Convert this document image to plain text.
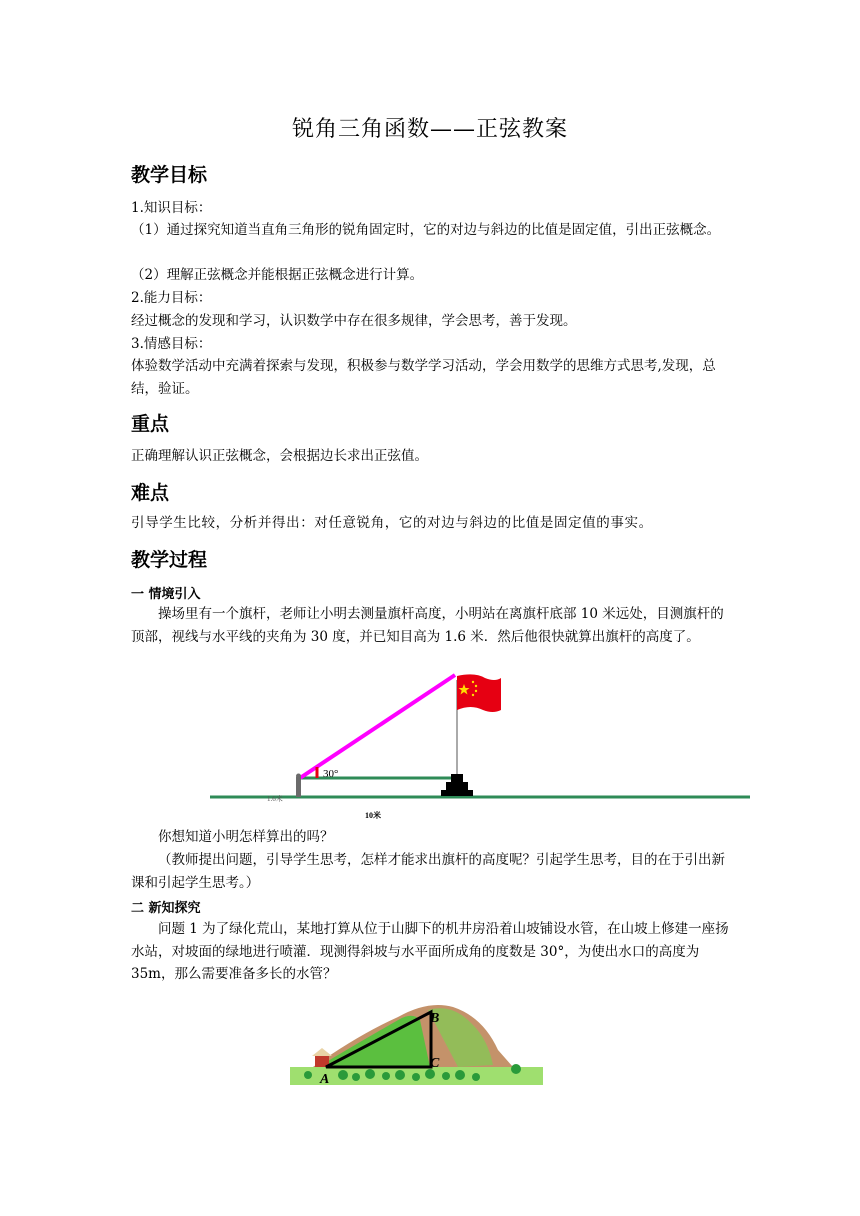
锐角三角函数——正弦教案
教学目标
1.知识目标：
（1）通过探究知道当直角三角形的锐角固定时，它的对边与斜边的比值是固定值，引出正弦概念。
（2）理解正弦概念并能根据正弦概念进行计算。
2.能力目标：
经过概念的发现和学习，认识数学中存在很多规律，学会思考，善于发现。
3.情感目标：
体验数学活动中充满着探索与发现，积极参与数学学习活动，学会用数学的思维方式思考,发现，总结，验证。
重点
正确理解认识正弦概念，会根据边长求出正弦值。
难点
引导学生比较，分析并得出：对任意锐角，它的对边与斜边的比值是固定值的事实。
教学过程
一 情境引入
操场里有一个旗杆，老师让小明去测量旗杆高度，小明站在离旗杆底部 10 米远处，目测旗杆的顶部，视线与水平线的夹角为 30 度，并已知目高为 1.6 米．然后他很快就算出旗杆的高度了。
30°
1.6米
10米
你想知道小明怎样算出的吗？
（教师提出问题，引导学生思考，怎样才能求出旗杆的高度呢？引起学生思考，目的在于引出新课和引起学生思考。）
二 新知探究
问题 1 为了绿化荒山，某地打算从位于山脚下的机井房沿着山坡铺设水管，在山坡上修建一座扬水站，对坡面的绿地进行喷灌．现测得斜坡与水平面所成角的度数是 30°，为使出水口的高度为 35m，那么需要准备多长的水管？
A
B
C
